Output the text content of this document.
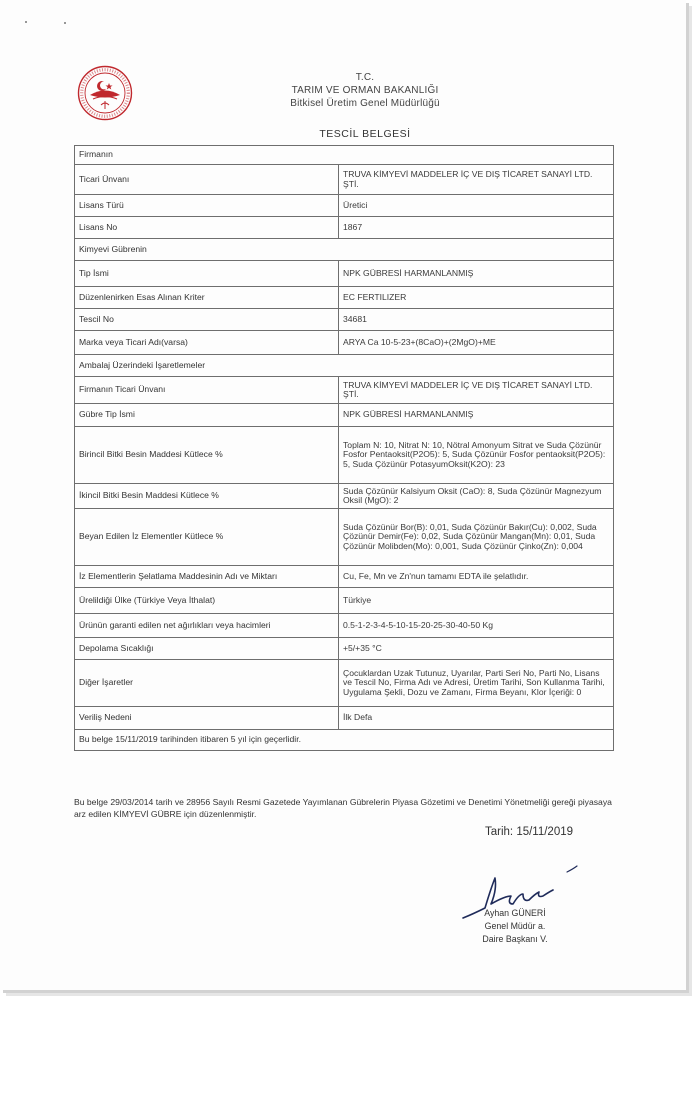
T.C.
TARIM VE ORMAN BAKANLIĞI
Bitkisel Üretim Genel Müdürlüğü
TESCİL BELGESİ
Firmanın	
Ticari Ünvanı	TRUVA KİMYEVİ MADDELER İÇ VE DIŞ TİCARET SANAYİ LTD. ŞTİ.
Lisans Türü	Üretici
Lisans No	1867
Kimyevi Gübrenin	
Tip İsmi	NPK GÜBRESİ HARMANLANMIŞ
Düzenlenirken Esas Alınan Kriter	EC FERTILIZER
Tescil No	34681
Marka veya Ticari Adı(varsa)	ARYA Ca 10-5-23+(8CaO)+(2MgO)+ME
Ambalaj Üzerindeki İşaretlemeler	
Firmanın Ticari Ünvanı	TRUVA KİMYEVİ MADDELER İÇ VE DIŞ TİCARET SANAYİ LTD. ŞTİ.
Gübre Tip İsmi	NPK GÜBRESİ HARMANLANMIŞ
Birincil Bitki Besin Maddesi Kütlece %	Toplam N: 10, Nitrat N: 10, Nötral Amonyum Sitrat ve Suda Çözünür Fosfor Pentaoksit(P2O5): 5, Suda Çözünür Fosfor pentaoksit(P2O5): 5, Suda Çözünür PotasyumOksit(K2O): 23
İkincil Bitki Besin Maddesi Kütlece %	Suda Çözünür Kalsiyum Oksit (CaO): 8, Suda Çözünür Magnezyum Oksil (MgO): 2
Beyan Edilen İz Elementler Kütlece %	Suda Çözünür Bor(B): 0,01, Suda Çözünür Bakır(Cu): 0,002, Suda Çözünür Demir(Fe): 0,02, Suda Çözünür Mangan(Mn): 0,01, Suda Çözünür Molibden(Mo): 0,001, Suda Çözünür Çinko(Zn): 0,004
İz Elementlerin Şelatlama Maddesinin Adı ve Miktarı	Cu, Fe, Mn ve Zn'nun tamamı EDTA ile şelatlıdır.
Ürelildiği Ülke (Türkiye Veya İthalat)	Türkiye
Ürünün garanti edilen net ağırlıkları veya hacimleri	0.5-1-2-3-4-5-10-15-20-25-30-40-50 Kg
Depolama Sıcaklığı	+5/+35 °C
Diğer İşaretler	Çocuklardan Uzak Tutunuz, Uyarılar, Parti Seri No, Parti No, Lisans ve Tescil No, Firma Adı ve Adresi, Üretim Tarihi, Son Kullanma Tarihi, Uygulama Şekli, Dozu ve Zamanı, Firma Beyanı, Klor İçeriği: 0
Veriliş Nedeni	İlk Defa
Bu belge 15/11/2019 tarihinden itibaren 5 yıl için geçerlidir.	
Bu belge 29/03/2014 tarih ve 28956 Sayılı Resmi Gazetede Yayımlanan Gübrelerin Piyasa Gözetimi ve Denetimi Yönetmeliği gereği piyasaya arz edilen KİMYEVİ GÜBRE için düzenlenmiştir.
Tarih: 15/11/2019
Ayhan GÜNERİ
Genel Müdür a.
Daire Başkanı V.
